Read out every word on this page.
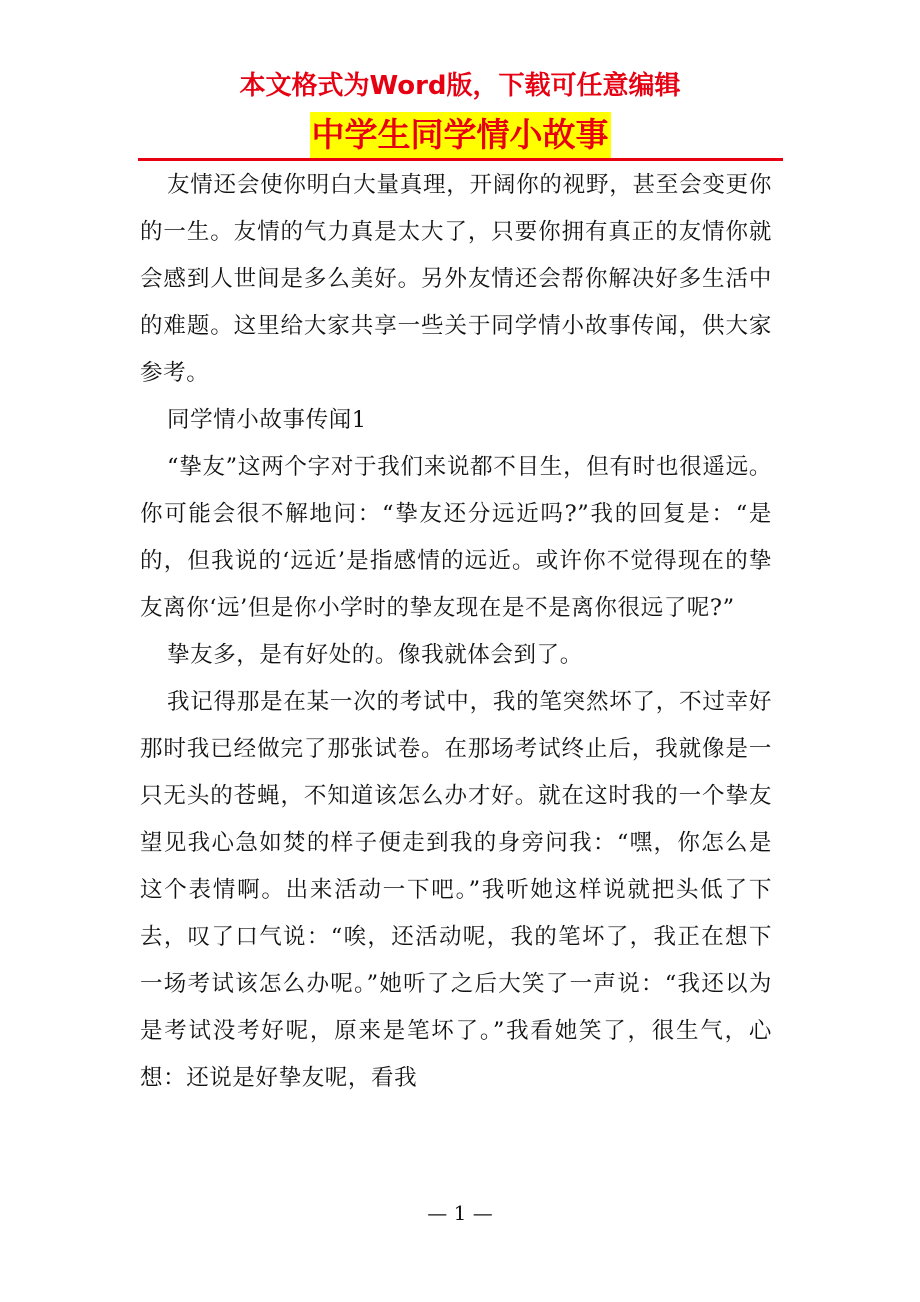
本文格式为Word版，下载可任意编辑
中学生同学情小故事

友情还会使你明白大量真理，开阔你的视野，甚至会变更你的一生。友情的气力真是太大了，只要你拥有真正的友情你就会感到人世间是多么美好。另外友情还会帮你解决好多生活中的难题。这里给大家共享一些关于同学情小故事传闻，供大家参考。

同学情小故事传闻1

“挚友”这两个字对于我们来说都不目生，但有时也很遥远。你可能会很不解地问：“挚友还分远近吗?”我的回复是：“是的，但我说的‘远近’是指感情的远近。或许你不觉得现在的挚友离你‘远’但是你小学时的挚友现在是不是离你很远了呢?”

挚友多，是有好处的。像我就体会到了。

我记得那是在某一次的考试中，我的笔突然坏了，不过幸好那时我已经做完了那张试卷。在那场考试终止后，我就像是一只无头的苍蝇，不知道该怎么办才好。就在这时我的一个挚友望见我心急如焚的样子便走到我的身旁问我：“嘿，你怎么是这个表情啊。出来活动一下吧。”我听她这样说就把头低了下去，叹了口气说：“唉，还活动呢，我的笔坏了，我正在想下一场考试该怎么办呢。”她听了之后大笑了一声说：“我还以为是考试没考好呢，原来是笔坏了。”我看她笑了，很生气，心想：还说是好挚友呢，看我

— 1 —
